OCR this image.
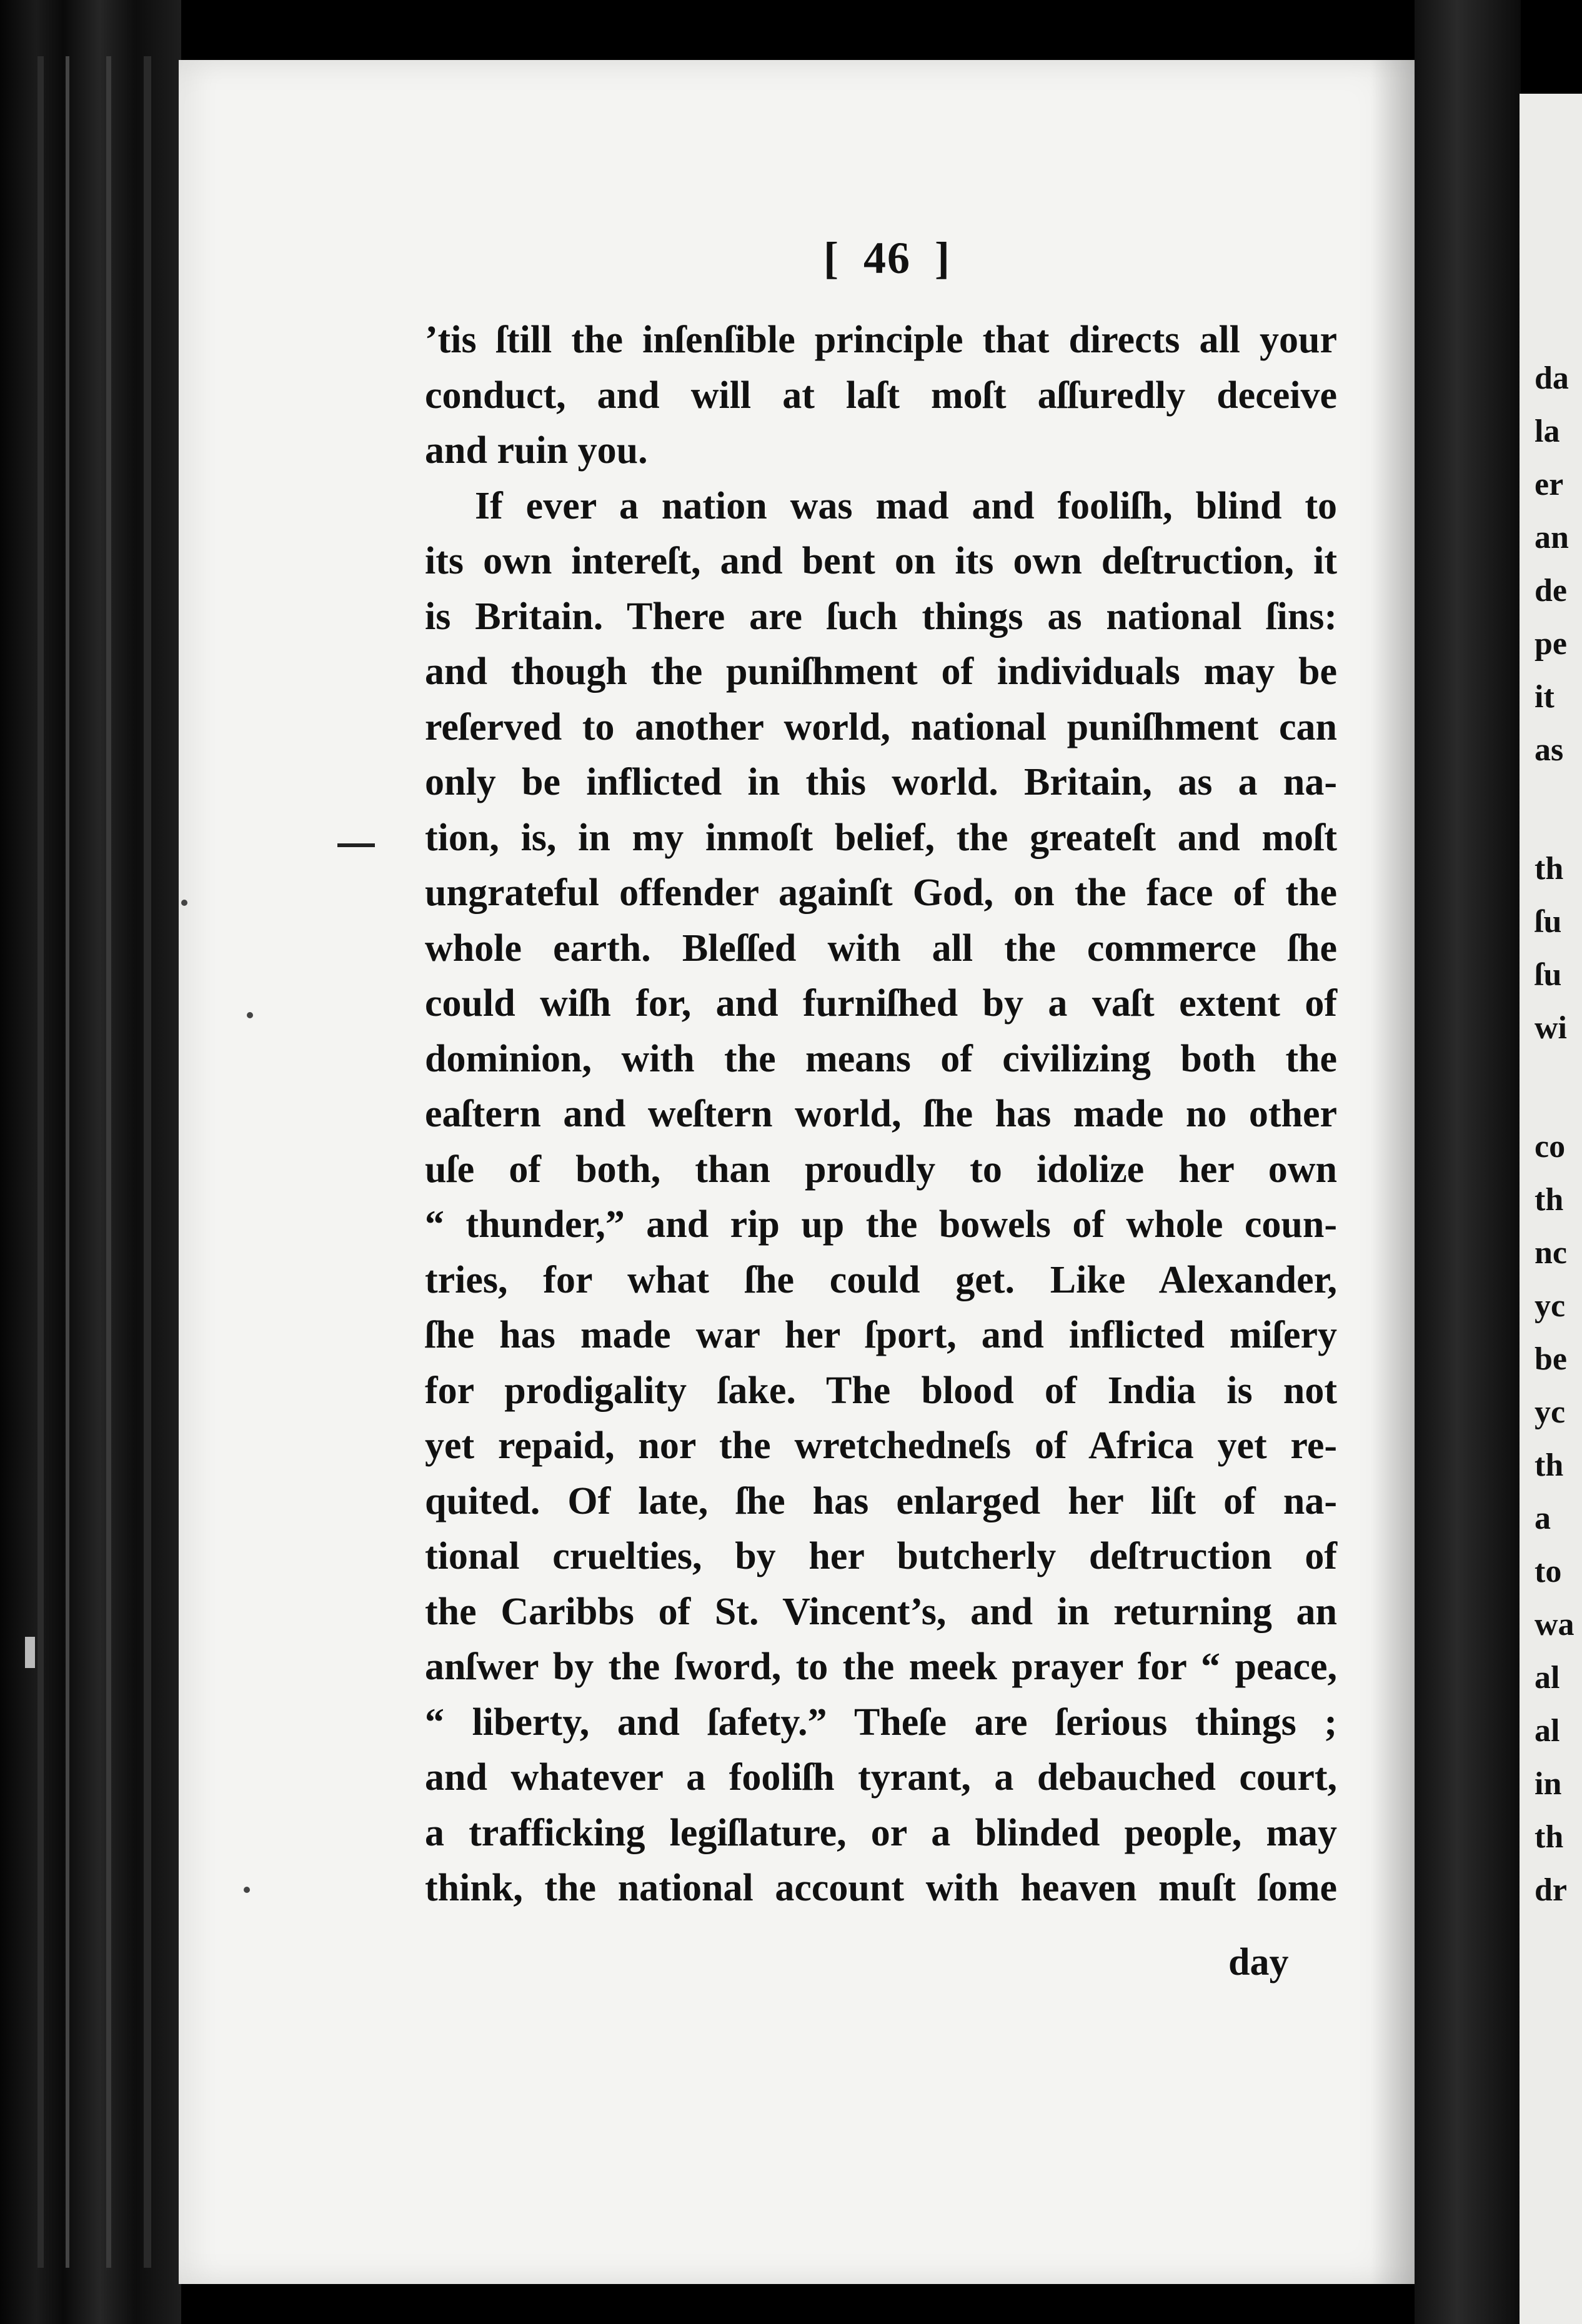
da
la
er
an
de
pe
it
as
th
ſu
ſu
wi
co
th
nc
yc
be
yc
th
a
to
wa
al
al
in
th
dr
[ 46 ]
’tis ſtill the inſenſible principle that directs all your
conduct, and will at laſt moſt aſſuredly deceive
and ruin you.
If ever a nation was mad and fooliſh, blind to
its own intereſt, and bent on its own deſtruction, it
is Britain. There are ſuch things as national ſins:
and though the puniſhment of individuals may be
reſerved to another world, national puniſhment can
only be inflicted in this world. Britain, as a na-
tion, is, in my inmoſt belief, the greateſt and moſt
ungrateful offender againſt God, on the face of the
whole earth. Bleſſed with all the commerce ſhe
could wiſh for, and furniſhed by a vaſt extent of
dominion, with the means of civilizing both the
eaſtern and weſtern world, ſhe has made no other
uſe of both, than proudly to idolize her own
“ thunder,” and rip up the bowels of whole coun-
tries, for what ſhe could get. Like Alexander,
ſhe has made war her ſport, and inflicted miſery
for prodigality ſake. The blood of India is not
yet repaid, nor the wretchedneſs of Africa yet re-
quited. Of late, ſhe has enlarged her liſt of na-
tional cruelties, by her butcherly deſtruction of
the Caribbs of St. Vincent’s, and in returning an
anſwer by the ſword, to the meek prayer for “ peace,
“ liberty, and ſafety.” Theſe are ſerious things ;
and whatever a fooliſh tyrant, a debauched court,
a trafficking legiſlature, or a blinded people, may
think, the national account with heaven muſt ſome
day
